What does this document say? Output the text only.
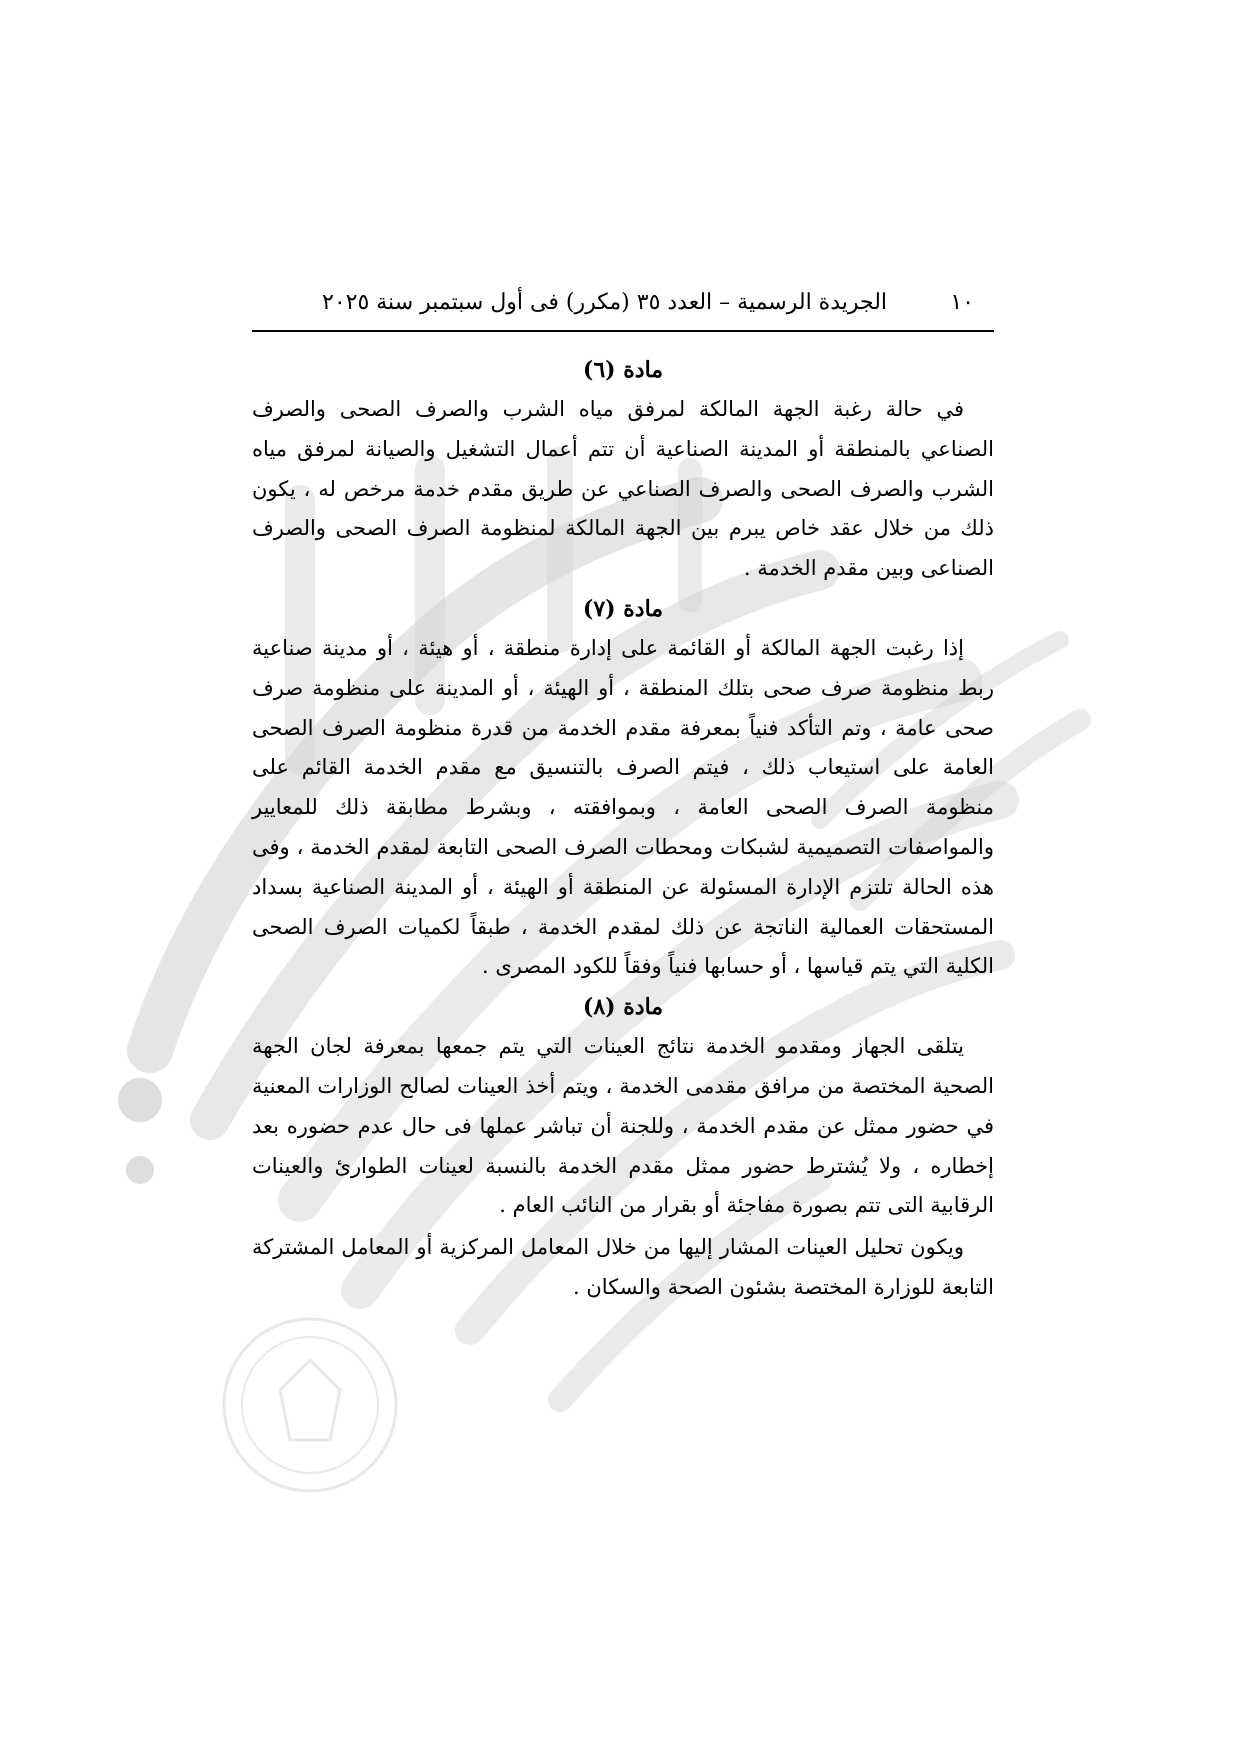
١٠
الجريدة الرسمية – العدد ٣٥ (مكرر) فى أول سبتمبر سنة ٢٠٢٥
مادة (٦)

في حالة رغبة الجهة المالكة لمرفق مياه الشرب والصرف الصحى والصرف الصناعي بالمنطقة أو المدينة الصناعية أن تتم أعمال التشغيل والصيانة لمرفق مياه الشرب والصرف الصحى والصرف الصناعي عن طريق مقدم خدمة مرخص له ، يكون ذلك من خلال عقد خاص يبرم بين الجهة المالكة لمنظومة الصرف الصحى والصرف الصناعى وبين مقدم الخدمة .

مادة (٧)

إذا رغبت الجهة المالكة أو القائمة على إدارة منطقة ، أو هيئة ، أو مدينة صناعية ربط منظومة صرف صحى بتلك المنطقة ، أو الهيئة ، أو المدينة على منظومة صرف صحى عامة ، وتم التأكد فنياً بمعرفة مقدم الخدمة من قدرة منظومة الصرف الصحى العامة على استيعاب ذلك ، فيتم الصرف بالتنسيق مع مقدم الخدمة القائم على منظومة الصرف الصحى العامة ، وبموافقته ، وبشرط مطابقة ذلك للمعايير والمواصفات التصميمية لشبكات ومحطات الصرف الصحى التابعة لمقدم الخدمة ، وفى هذه الحالة تلتزم الإدارة المسئولة عن المنطقة أو الهيئة ، أو المدينة الصناعية بسداد المستحقات العمالية الناتجة عن ذلك لمقدم الخدمة ، طبقاً لكميات الصرف الصحى الكلية التي يتم قياسها ، أو حسابها فنياً وفقاً للكود المصرى .

مادة (٨)

يتلقى الجهاز ومقدمو الخدمة نتائج العينات التي يتم جمعها بمعرفة لجان الجهة الصحية المختصة من مرافق مقدمى الخدمة ، ويتم أخذ العينات لصالح الوزارات المعنية في حضور ممثل عن مقدم الخدمة ، وللجنة أن تباشر عملها فى حال عدم حضوره بعد إخطاره ، ولا يُشترط حضور ممثل مقدم الخدمة بالنسبة لعينات الطوارئ والعينات الرقابية التى تتم بصورة مفاجئة أو بقرار من النائب العام .

ويكون تحليل العينات المشار إليها من خلال المعامل المركزية أو المعامل المشتركة التابعة للوزارة المختصة بشئون الصحة والسكان .
